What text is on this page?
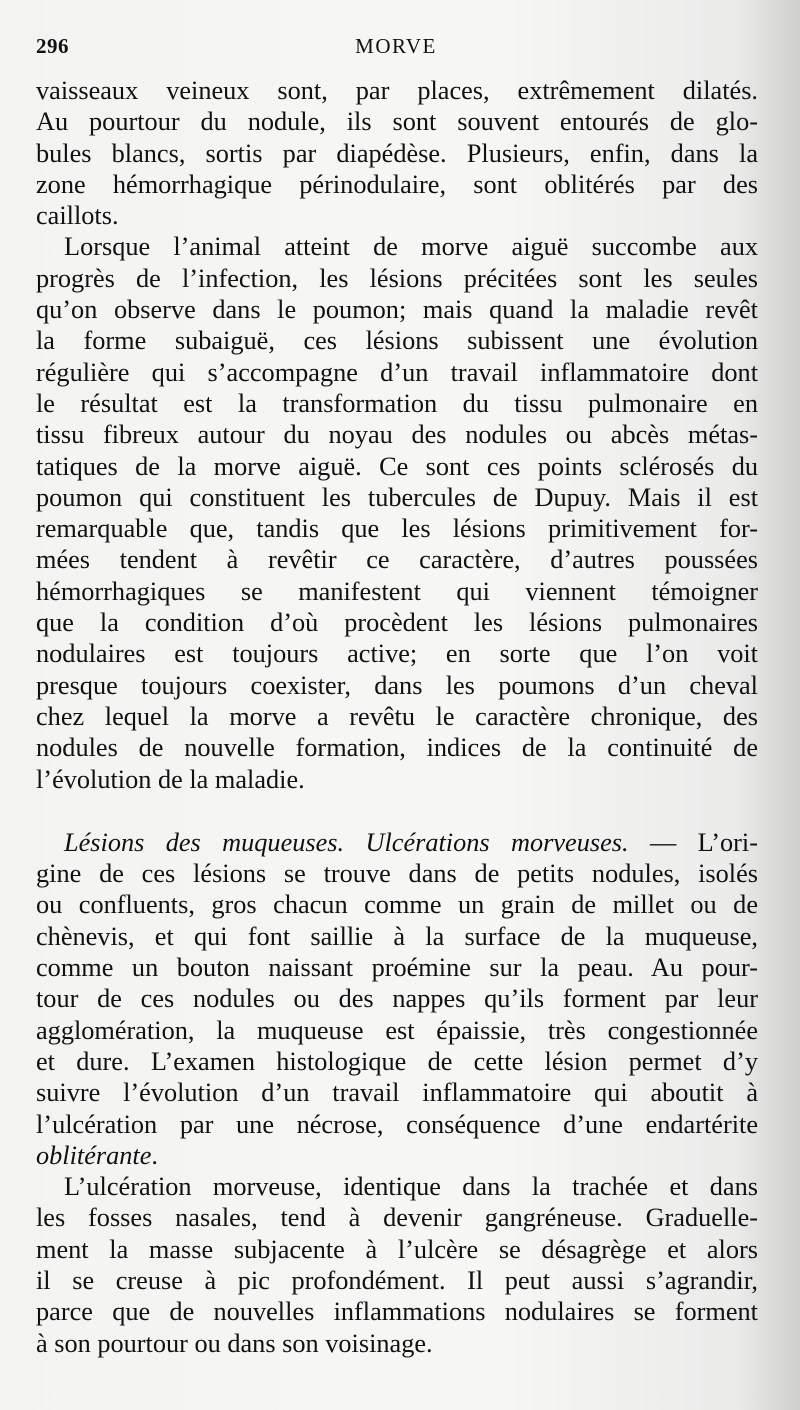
296	MORVE
vaisseaux veineux sont, par places, extrêmement dilatés.
Au pourtour du nodule, ils sont souvent entourés de glo-
bules blancs, sortis par diapédèse. Plusieurs, enfin, dans la
zone hémorrhagique périnodulaire, sont oblitérés par des
caillots.
Lorsque l’animal atteint de morve aiguë succombe aux
progrès de l’infection, les lésions précitées sont les seules
qu’on observe dans le poumon; mais quand la maladie revêt
la forme subaiguë, ces lésions subissent une évolution
régulière qui s’accompagne d’un travail inflammatoire dont
le résultat est la transformation du tissu pulmonaire en
tissu fibreux autour du noyau des nodules ou abcès métas-
tatiques de la morve aiguë. Ce sont ces points sclérosés du
poumon qui constituent les tubercules de Dupuy. Mais il est
remarquable que, tandis que les lésions primitivement for-
mées tendent à revêtir ce caractère, d’autres poussées
hémorrhagiques se manifestent qui viennent témoigner
que la condition d’où procèdent les lésions pulmonaires
nodulaires est toujours active; en sorte que l’on voit
presque toujours coexister, dans les poumons d’un cheval
chez lequel la morve a revêtu le caractère chronique, des
nodules de nouvelle formation, indices de la continuité de
l’évolution de la maladie.
Lésions des muqueuses. Ulcérations morveuses. — L’ori-
gine de ces lésions se trouve dans de petits nodules, isolés
ou confluents, gros chacun comme un grain de millet ou de
chènevis, et qui font saillie à la surface de la muqueuse,
comme un bouton naissant proémine sur la peau. Au pour-
tour de ces nodules ou des nappes qu’ils forment par leur
agglomération, la muqueuse est épaissie, très congestionnée
et dure. L’examen histologique de cette lésion permet d’y
suivre l’évolution d’un travail inflammatoire qui aboutit à
l’ulcération par une nécrose, conséquence d’une endartérite
oblitérante.
L’ulcération morveuse, identique dans la trachée et dans
les fosses nasales, tend à devenir gangréneuse. Graduelle-
ment la masse subjacente à l’ulcère se désagrège et alors
il se creuse à pic profondément. Il peut aussi s’agrandir,
parce que de nouvelles inflammations nodulaires se forment
à son pourtour ou dans son voisinage.
